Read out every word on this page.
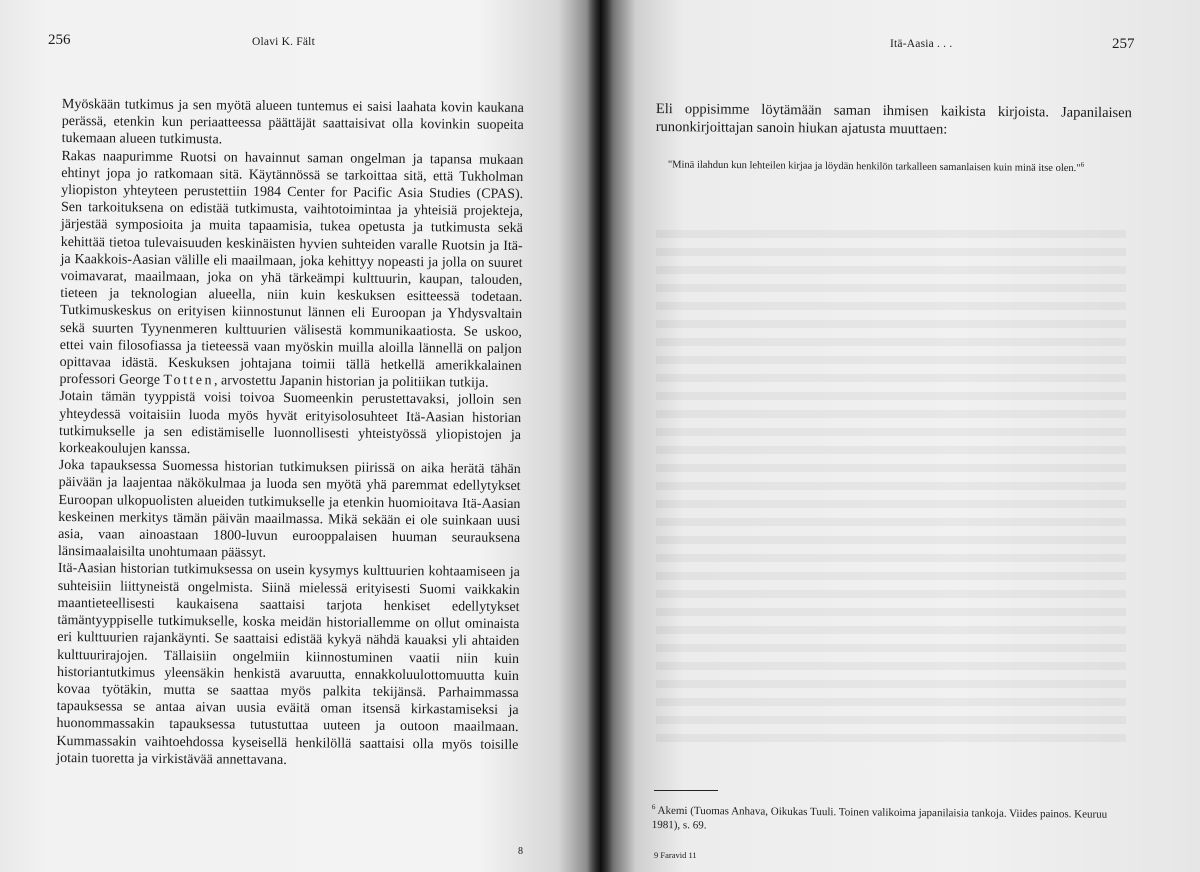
256	Olavi K. Fält

Myöskään tutkimus ja sen myötä alueen tuntemus ei saisi laahata kovin kaukana perässä, etenkin kun periaatteessa päättäjät saattaisivat olla kovinkin suopeita tukemaan alueen tutkimusta.

Rakas naapurimme Ruotsi on havainnut saman ongelman ja tapansa mukaan ehtinyt jopa jo ratkomaan sitä. Käytännössä se tarkoittaa sitä, että Tukholman yliopiston yhteyteen perustettiin 1984 Center for Pacific Asia Studies (CPAS). Sen tarkoituksena on edistää tutkimusta, vaihtotoimintaa ja yhteisiä projekteja, järjestää symposioita ja muita tapaamisia, tukea opetusta ja tutkimusta sekä kehittää tietoa tulevaisuuden keskinäisten hyvien suhteiden varalle Ruotsin ja Itä- ja Kaakkois-Aasian välille eli maailmaan, joka kehittyy nopeasti ja jolla on suuret voimavarat, maailmaan, joka on yhä tärkeämpi kulttuurin, kaupan, talouden, tieteen ja teknologian alueella, niin kuin keskuksen esitteessä todetaan. Tutkimuskeskus on erityisen kiinnostunut lännen eli Euroopan ja Yhdysvaltain sekä suurten Tyynenmeren kulttuurien välisestä kommunikaatiosta. Se uskoo, ettei vain filosofiassa ja tieteessä vaan myöskin muilla aloilla lännellä on paljon opittavaa idästä. Keskuksen johtajana toimii tällä hetkellä amerikkalainen professori George Totten, arvostettu Japanin historian ja politiikan tutkija.

Jotain tämän tyyppistä voisi toivoa Suomeenkin perustettavaksi, jolloin sen yhteydessä voitaisiin luoda myös hyvät erityisolosuhteet Itä-Aasian historian tutkimukselle ja sen edistämiselle luonnollisesti yhteistyössä yliopistojen ja korkeakoulujen kanssa.

Joka tapauksessa Suomessa historian tutkimuksen piirissä on aika herätä tähän päivään ja laajentaa näkökulmaa ja luoda sen myötä yhä paremmat edellytykset Euroopan ulkopuolisten alueiden tutkimukselle ja etenkin huomioitava Itä-Aasian keskeinen merkitys tämän päivän maailmassa. Mikä sekään ei ole suinkaan uusi asia, vaan ainoastaan 1800-luvun eurooppalaisen huuman seurauksena länsimaalaisilta unohtumaan päässyt.

Itä-Aasian historian tutkimuksessa on usein kysymys kulttuurien kohtaamiseen ja suhteisiin liittyneistä ongelmista. Siinä mielessä erityisesti Suomi vaikkakin maantieteellisesti kaukaisena saattaisi tarjota henkiset edellytykset tämäntyyppiselle tutkimukselle, koska meidän historiallemme on ollut ominaista eri kulttuurien rajankäynti. Se saattaisi edistää kykyä nähdä kauaksi yli ahtaiden kulttuurirajojen. Tällaisiin ongelmiin kiinnostuminen vaatii niin kuin historiantutkimus yleensäkin henkistä avaruutta, ennakkoluulottomuutta kuin kovaa työtäkin, mutta se saattaa myös palkita tekijänsä. Parhaimmassa tapauksessa se antaa aivan uusia eväitä oman itsensä kirkastamiseksi ja huonommassakin tapauksessa tutustuttaa uuteen ja outoon maailmaan. Kummassakin vaihtoehdossa kyseisellä henkilöllä saattaisi olla myös toisille jotain tuoretta ja virkistävää annettavana.

8
Itä-Aasia . . .	257

Eli oppisimme löytämään saman ihmisen kaikista kirjoista. Japanilaisen runonkirjoittajan sanoin hiukan ajatusta muuttaen:

"Minä ilahdun kun lehteilen kirjaa ja löydän henkilön tarkalleen samanlaisen kuin minä itse olen."$^6$
$^6$ Akemi (Tuomas Anhava, Oikukas Tuuli. Toinen valikoima japanilaisia tankoja. Viides painos. Keuruu 1981), s. 69.
9 Faravid 11
